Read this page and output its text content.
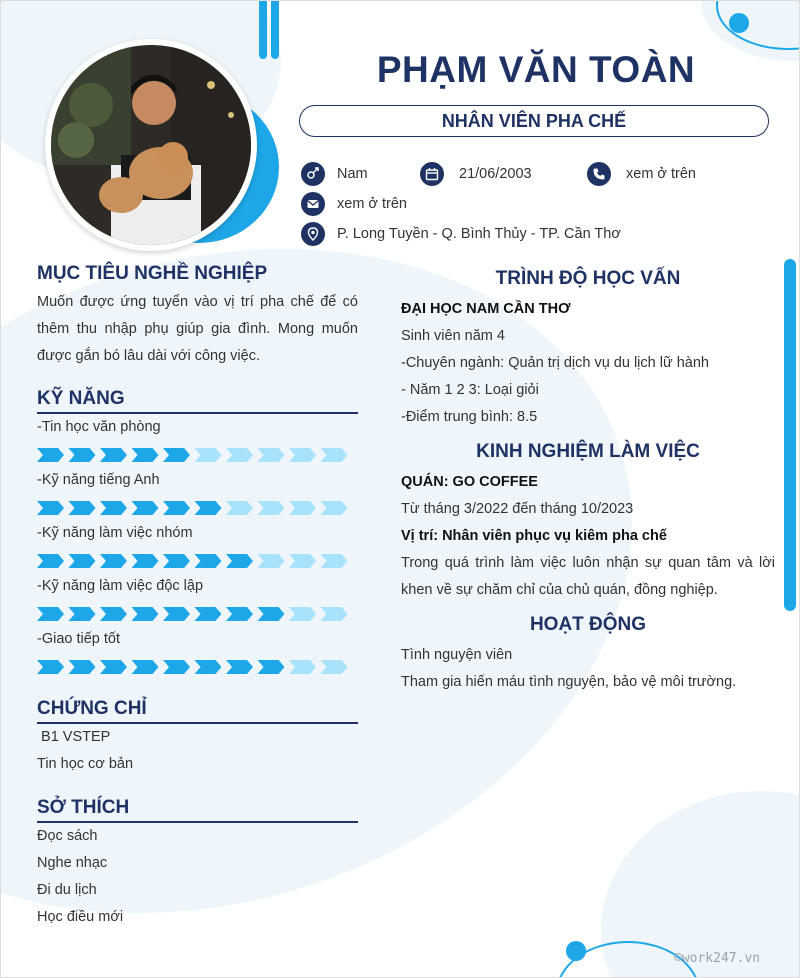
PHẠM VĂN TOÀN
NHÂN VIÊN PHA CHẾ
Nam	21/06/2003	xem ở trên
xem ở trên
P. Long Tuyền - Q. Bình Thủy - TP. Cần Thơ
MỤC TIÊU NGHỀ NGHIỆP
Muốn được ứng tuyển vào vị trí pha chế để có thêm thu nhập phụ giúp gia đình. Mong muốn được gắn bó lâu dài với công việc.
KỸ NĂNG
-Tin học văn phòng
-Kỹ năng tiếng Anh
-Kỹ năng làm việc nhóm
-Kỹ năng làm việc độc lập
-Giao tiếp tốt
CHỨNG CHỈ
B1 VSTEP
Tin học cơ bản
SỞ THÍCH
Đọc sách
Nghe nhạc
Đi du lịch
Học điều mới
TRÌNH ĐỘ HỌC VẤN
ĐẠI HỌC NAM CẦN THƠ
Sinh viên năm 4
-Chuyên ngành: Quản trị dịch vụ du lịch lữ hành
- Năm 1 2 3: Loại giỏi
-Điểm trung bình: 8.5
KINH NGHIỆM LÀM VIỆC
QUÁN: GO COFFEE
Từ tháng 3/2022 đến tháng 10/2023
Vị trí: Nhân viên phục vụ kiêm pha chế
Trong quá trình làm việc luôn nhận sự quan tâm và lời khen về sự chăm chỉ của chủ quán, đồng nghiệp.
HOẠT ĐỘNG
Tình nguyện viên
Tham gia hiến máu tình nguyện, bảo vệ môi trường.
©work247.vn
